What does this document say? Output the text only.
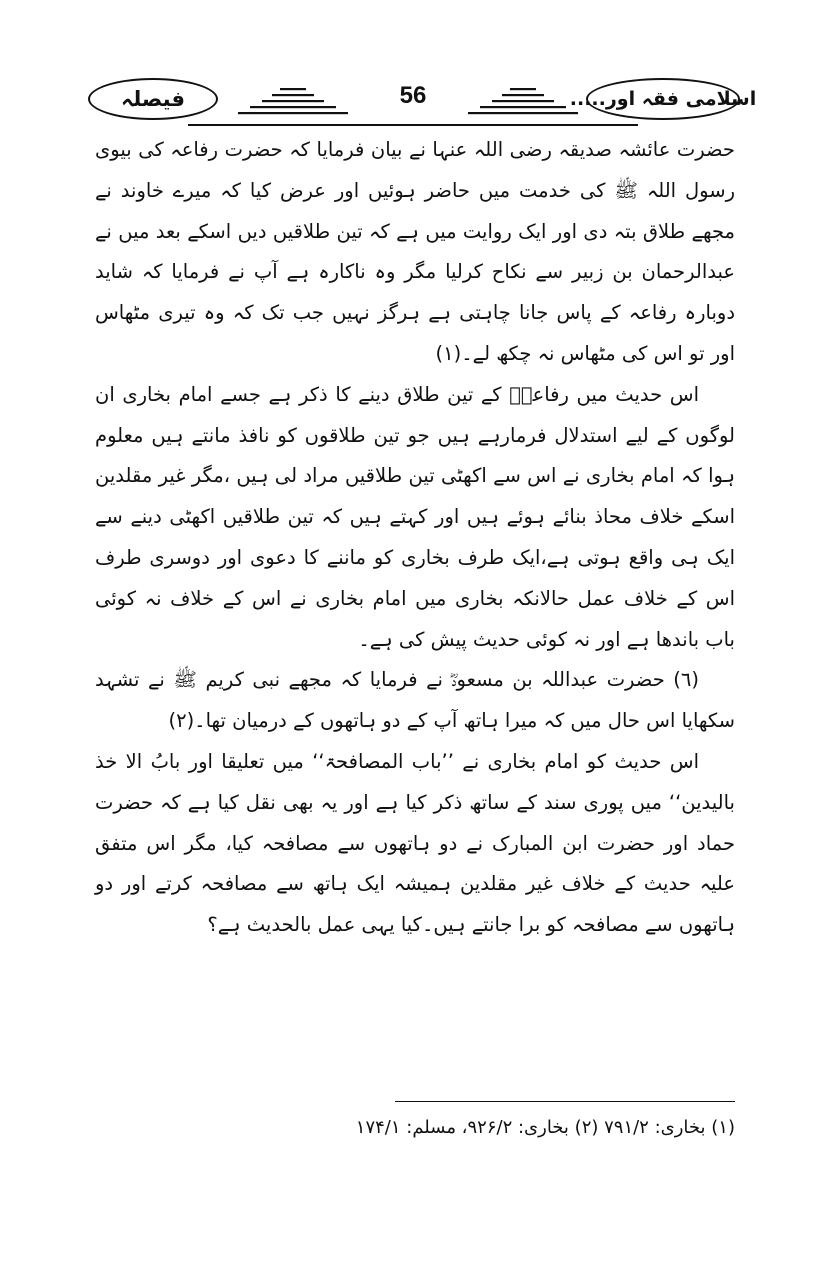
فیصلہ	56	اسلامی فقہ اور.....

حضرت عائشہ صدیقہ رضی اللہ عنہا نے بیان فرمایا کہ حضرت رفاعہ کی بیوی رسول اللہ ﷺ کی خدمت میں حاضر ہوئیں اور عرض کیا کہ میرے خاوند نے مجھے طلاق بتہ دی اور ایک روایت میں ہے کہ تین طلاقیں دیں اسکے بعد میں نے عبدالرحمان بن زبیر سے نکاح کرلیا مگر وہ ناکارہ ہے آپ نے فرمایا کہ شاید دوبارہ رفاعہ کے پاس جانا چاہتی ہے ہرگز نہیں جب تک کہ وہ تیری مٹھاس اور تو اس کی مٹھاس نہ چکھ لے۔(۱)

اس حدیث میں رفاعہؓ کے تین طلاق دینے کا ذکر ہے جسے امام بخاری ان لوگوں کے لیے استدلال فرمارہے ہیں جو تین طلاقوں کو نافذ مانتے ہیں معلوم ہوا کہ امام بخاری نے اس سے اکھٹی تین طلاقیں مراد لی ہیں ،مگر غیر مقلدین اسکے خلاف محاذ بنائے ہوئے ہیں اور کہتے ہیں کہ تین طلاقیں اکھٹی دینے سے ایک ہی واقع ہوتی ہے،ایک طرف بخاری کو ماننے کا دعوی اور دوسری طرف اس کے خلاف عمل حالانکہ بخاری میں امام بخاری نے اس کے خلاف نہ کوئی باب باندھا ہے اور نہ کوئی حدیث پیش کی ہے۔

(٦) حضرت عبداللہ بن مسعودؓ نے فرمایا کہ مجھے نبی کریم ﷺ نے تشہد سکھایا اس حال میں کہ میرا ہاتھ آپ کے دو ہاتھوں کے درمیان تھا۔(٢)

اس حدیث کو امام بخاری نے ’’باب المصافحۃ‘‘ میں تعلیقا اور بابُ الا خذ بالیدین‘‘ میں پوری سند کے ساتھ ذکر کیا ہے اور یہ بھی نقل کیا ہے کہ حضرت حماد اور حضرت ابن المبارک نے دو ہاتھوں سے مصافحہ کیا، مگر اس متفق علیہ حدیث کے خلاف غیر مقلدین ہمیشہ ایک ہاتھ سے مصافحہ کرتے اور دو ہاتھوں سے مصافحہ کو برا جانتے ہیں۔کیا یہی عمل بالحدیث ہے؟

(۱) بخاری: ۷۹۱/۲ (۲) بخاری: ۹۲۶/۲، مسلم: ۱۷۴/۱
